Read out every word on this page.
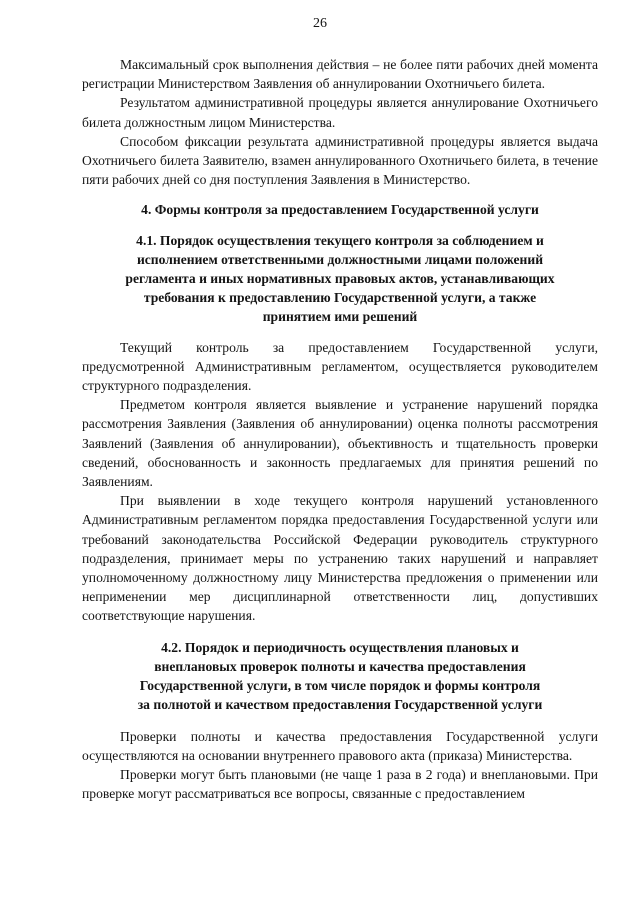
26

Максимальный срок выполнения действия – не более пяти рабочих дней момента регистрации Министерством Заявления об аннулировании Охотничьего билета.

Результатом административной процедуры является аннулирование Охотничьего билета должностным лицом Министерства.

Способом фиксации результата административной процедуры является выдача Охотничьего билета Заявителю, взамен аннулированного Охотничьего билета, в течение пяти рабочих дней со дня поступления Заявления в Министерство.

4. Формы контроля за предоставлением Государственной услуги
4.1. Порядок осуществления текущего контроля за соблюдением и исполнением ответственными должностными лицами положений регламента и иных нормативных правовых актов, устанавливающих требования к предоставлению Государственной услуги, а также принятием ими решений

Текущий контроль за предоставлением Государственной услуги, предусмотренной Административным регламентом, осуществляется руководителем структурного подразделения.

Предметом контроля является выявление и устранение нарушений порядка рассмотрения Заявления (Заявления об аннулировании) оценка полноты рассмотрения Заявлений (Заявления об аннулировании), объективность и тщательность проверки сведений, обоснованность и законность предлагаемых для принятия решений по Заявлениям.

При выявлении в ходе текущего контроля нарушений установленного Административным регламентом порядка предоставления Государственной услуги или требований законодательства Российской Федерации руководитель структурного подразделения, принимает меры по устранению таких нарушений и направляет уполномоченному должностному лицу Министерства предложения о применении или неприменении мер дисциплинарной ответственности лиц, допустивших соответствующие нарушения.

4.2. Порядок и периодичность осуществления плановых и внеплановых проверок полноты и качества предоставления Государственной услуги, в том числе порядок и формы контроля за полнотой и качеством предоставления Государственной услуги

Проверки полноты и качества предоставления Государственной услуги осуществляются на основании внутреннего правового акта (приказа) Министерства.

Проверки могут быть плановыми (не чаще 1 раза в 2 года) и внеплановыми. При проверке могут рассматриваться все вопросы, связанные с предоставлением
